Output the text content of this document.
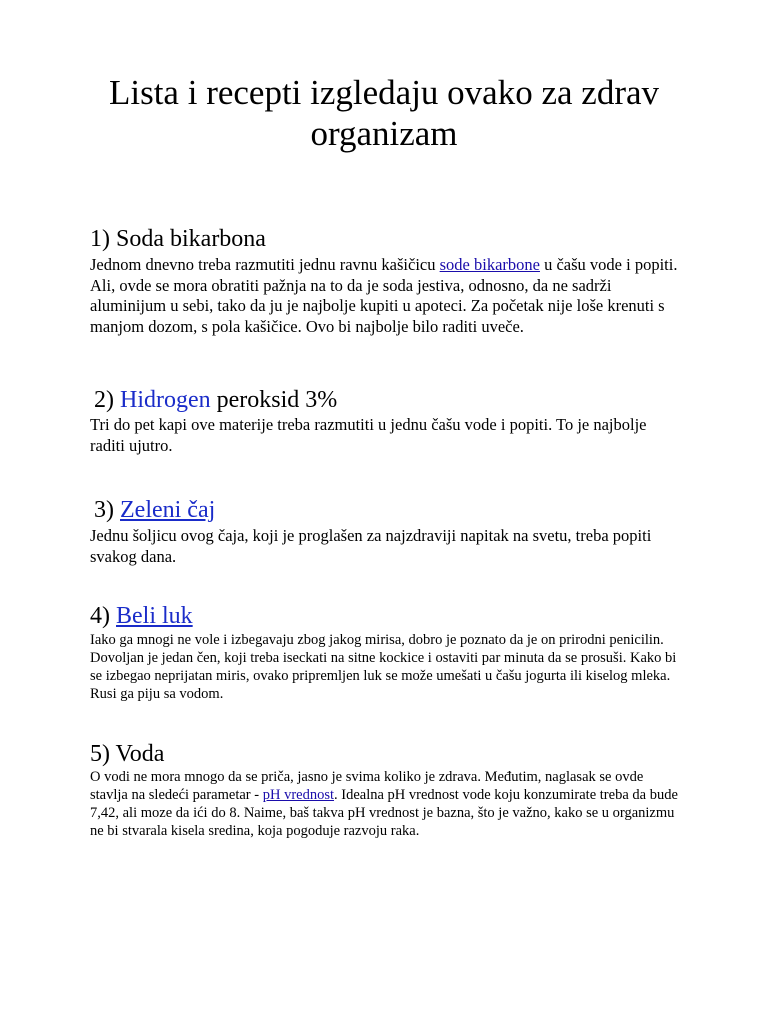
Lista i recepti izgledaju ovako za zdrav organizam
1) Soda bikarbona

Jednom dnevno treba razmutiti jednu ravnu kašičicu sode bikarbone u čašu vode i popiti. Ali, ovde se mora obratiti pažnja na to da je soda jestiva, odnosno, da ne sadrži aluminijum u sebi, tako da ju je najbolje kupiti u apoteci. Za početak nije loše krenuti s manjom dozom, s pola kašičice. Ovo bi najbolje bilo raditi uveče.

2) Hidrogen peroksid 3%

Tri do pet kapi ove materije treba razmutiti u jednu čašu vode i popiti. To je najbolje raditi ujutro.

3) Zeleni čaj

Jednu šoljicu ovog čaja, koji je proglašen za najzdraviji napitak na svetu, treba popiti svakog dana.

4) Beli luk

Iako ga mnogi ne vole i izbegavaju zbog jakog mirisa, dobro je poznato da je on prirodni penicilin. Dovoljan je jedan čen, koji treba iseckati na sitne kockice i ostaviti par minuta da se prosuši. Kako bi se izbegao neprijatan miris, ovako pripremljen luk se može umešati u čašu jogurta ili kiselog mleka. Rusi ga piju sa vodom.

5) Voda

O vodi ne mora mnogo da se priča, jasno je svima koliko je zdrava. Međutim, naglasak se ovde stavlja na sledeći parametar - pH vrednost. Idealna pH vrednost vode koju konzumirate treba da bude 7,42, ali moze da ići do 8. Naime, baš takva pH vrednost je bazna, što je važno, kako se u organizmu ne bi stvarala kisela sredina, koja pogoduje razvoju raka.
